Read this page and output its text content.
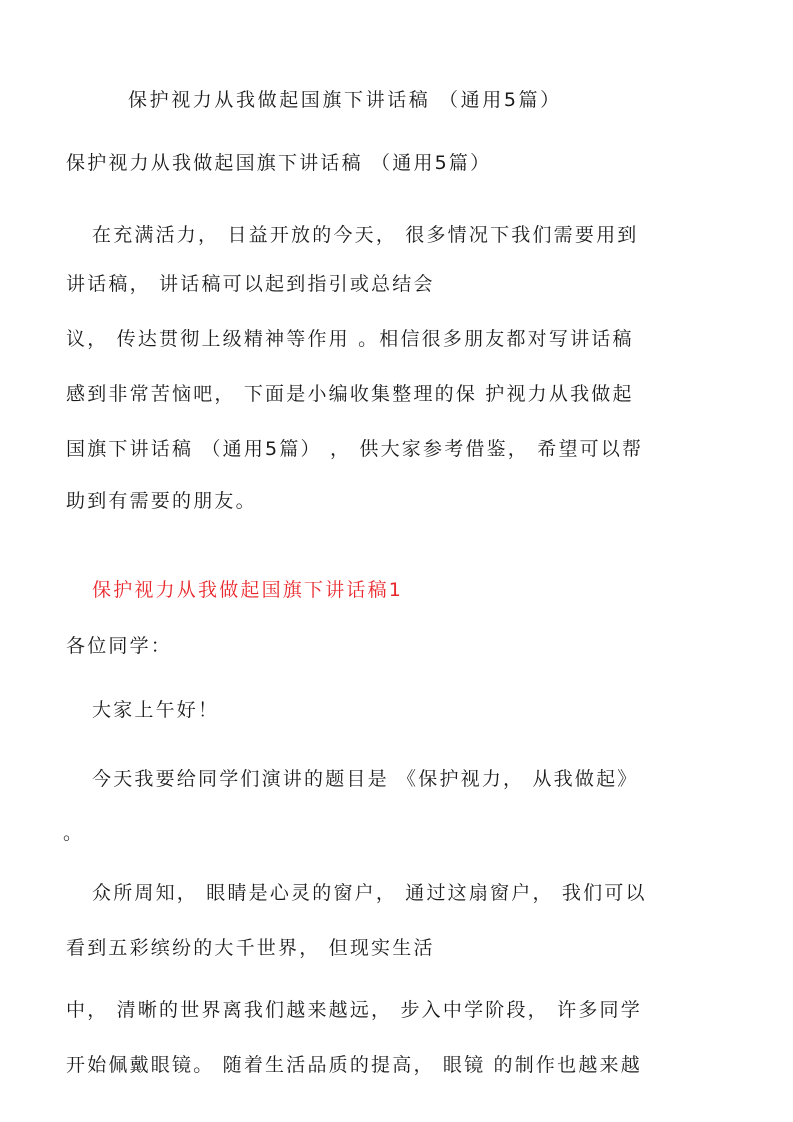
保护视力从我做起国旗下讲话稿 （通用5篇）
保护视力从我做起国旗下讲话稿 （通用5篇）
在充满活力， 日益开放的今天， 很多情况下我们需要用到
讲话稿， 讲话稿可以起到指引或总结会
议， 传达贯彻上级精神等作用 。相信很多朋友都对写讲话稿
感到非常苦恼吧， 下面是小编收集整理的保 护视力从我做起
国旗下讲话稿 （通用5篇） ， 供大家参考借鉴， 希望可以帮
助到有需要的朋友。
保护视力从我做起国旗下讲话稿1
各位同学：
大家上午好！
今天我要给同学们演讲的题目是 《保护视力， 从我做起》
。
众所周知， 眼睛是心灵的窗户， 通过这扇窗户， 我们可以
看到五彩缤纷的大千世界， 但现实生活
中， 清晰的世界离我们越来越远， 步入中学阶段， 许多同学
开始佩戴眼镜。 随着生活品质的提高， 眼镜 的制作也越来越
